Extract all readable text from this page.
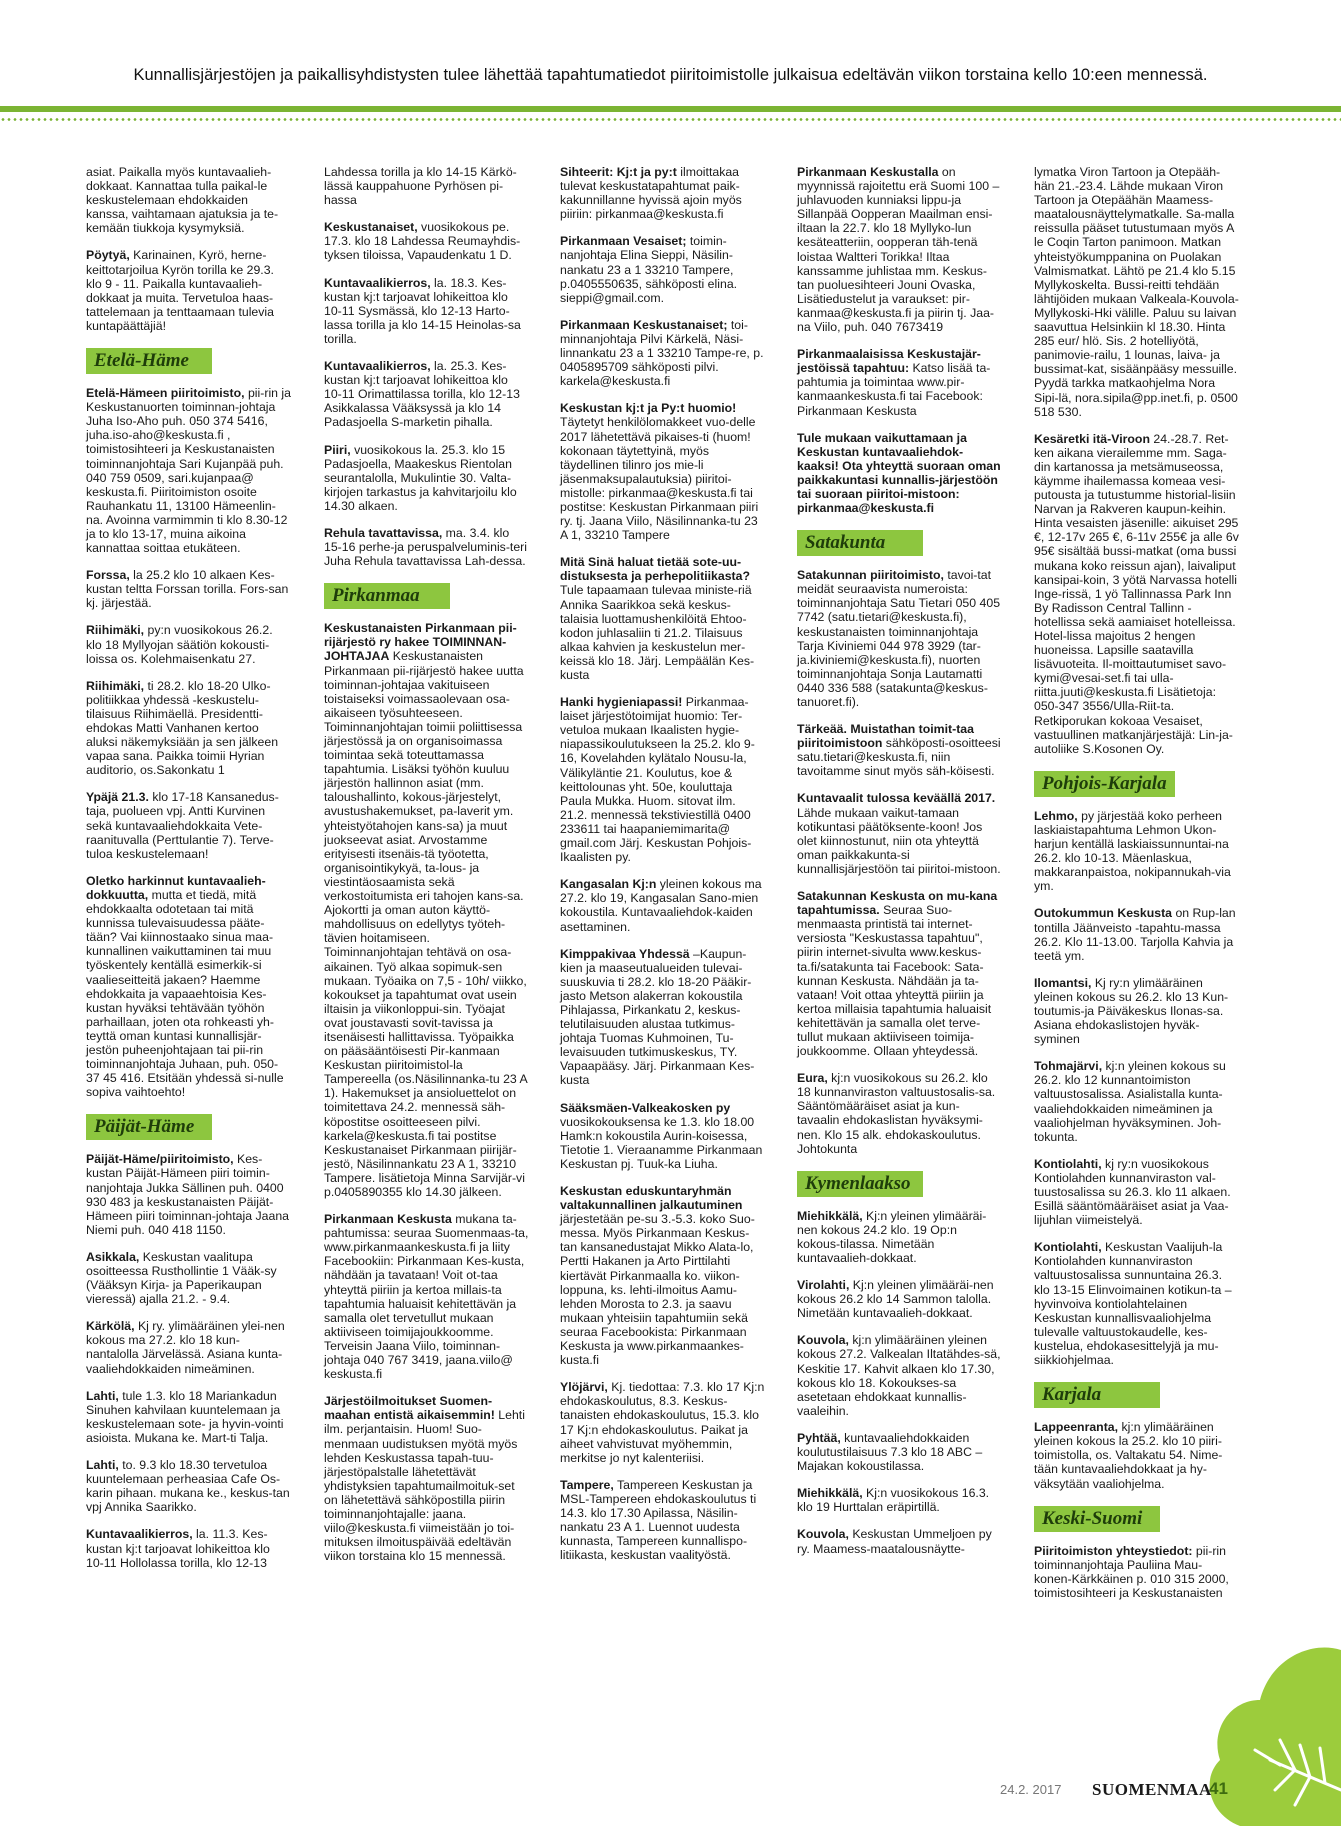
Kunnallisjärjestöjen ja paikallisyhdistysten tulee lähettää tapahtumatiedot piiritoimistolle julkaisua edeltävän viikon torstaina kello 10:een mennessä.

asiat. Paikalla myös kuntavaalieh-dokkaat. Kannattaa tulla paikal-le keskustelemaan ehdokkaiden kanssa, vaihtamaan ajatuksia ja te-kemään tiukkoja kysymyksiä.

Pöytyä, Karinainen, Kyrö, herne-keittotarjoilua Kyrön torilla ke 29.3. klo 9 - 11. Paikalla kuntavaalieh-dokkaat ja muita. Tervetuloa haas-tattelemaan ja tenttaamaan tulevia kuntapäättäjiä!

Etelä-Häme

Etelä-Hämeen piiritoimisto, pii-rin ja Keskustanuorten toiminnan-johtaja Juha Iso-Aho puh. 050 374 5416, juha.iso-aho@keskusta.fi , toimistosihteeri ja Keskustanaisten toiminnanjohtaja Sari Kujanpää puh. 040 759 0509, sari.kujanpaa@ keskusta.fi. Piiritoimiston osoite Rauhankatu 11, 13100 Hämeenlin-na. Avoinna varmimmin ti klo 8.30-12 ja to klo 13-17, muina aikoina kannattaa soittaa etukäteen.

Forssa, la 25.2 klo 10 alkaen Kes-kustan teltta Forssan torilla. Fors-san kj. järjestää.

Riihimäki, py:n vuosikokous 26.2. klo 18 Myllyojan säätiön kokousti-loissa os. Kolehmaisenkatu 27.

Riihimäki, ti 28.2. klo 18-20 Ulko-politiikkaa yhdessä -keskustelu-tilaisuus Riihimäellä. Presidentti-ehdokas Matti Vanhanen kertoo aluksi näkemyksiään ja sen jälkeen vapaa sana. Paikka toimii Hyrian auditorio, os.Sakonkatu 1

Ypäjä 21.3. klo 17-18 Kansanedus-taja, puolueen vpj. Antti Kurvinen sekä kuntavaaliehdokkaita Vete-raanituvalla (Perttulantie 7). Terve-tuloa keskustelemaan!

Oletko harkinnut kuntavaalieh-dokkuutta, mutta et tiedä, mitä ehdokkaalta odotetaan tai mitä kunnissa tulevaisuudessa pääte-tään? Vai kiinnostaako sinua maa-kunnallinen vaikuttaminen tai muu työskentely kentällä esimerkik-si vaalieseitteitä jakaen? Haemme ehdokkaita ja vapaaehtoisia Kes-kustan hyväksi tehtävään työhön parhaillaan, joten ota rohkeasti yh-teyttä oman kuntasi kunnallisjär-jestön puheenjohtajaan tai pii-rin toiminnanjohtaja Juhaan, puh. 050-37 45 416. Etsitään yhdessä si-nulle sopiva vaihtoehto!

Päijät-Häme

Päijät-Häme/piiritoimisto, Kes-kustan Päijät-Hämeen piiri toimin-nanjohtaja Jukka Sällinen puh. 0400 930 483 ja keskustanaisten Päijät-Hämeen piiri toiminnan-johtaja Jaana Niemi puh. 040 418 1150.

Asikkala, Keskustan vaalitupa osoitteessa Rusthollintie 1 Vääk-sy (Vääksyn Kirja- ja Paperikaupan vieressä) ajalla 21.2. - 9.4.

Kärkölä, Kj ry. ylimääräinen ylei-nen kokous ma 27.2. klo 18 kun-nantalolla Järvelässä. Asiana kunta-vaaliehdokkaiden nimeäminen.

Lahti, tule 1.3. klo 18 Mariankadun Sinuhen kahvilaan kuuntelemaan ja keskustelemaan sote- ja hyvin-vointi asioista. Mukana ke. Mart-ti Talja.

Lahti, to. 9.3 klo 18.30 tervetuloa kuuntelemaan perheasiaa Cafe Os-karin pihaan. mukana ke., keskus-tan vpj Annika Saarikko.

Kuntavaalikierros, la. 11.3. Kes-kustan kj:t tarjoavat lohikeittoa klo 10-11 Hollolassa torilla, klo 12-13

Lahdessa torilla ja klo 14-15 Kärkö-lässä kauppahuone Pyrhösen pi-hassa

Keskustanaiset, vuosikokous pe. 17.3. klo 18 Lahdessa Reumayhdis-tyksen tiloissa, Vapaudenkatu 1 D.

Kuntavaalikierros, la. 18.3. Kes-kustan kj:t tarjoavat lohikeittoa klo 10-11 Sysmässä, klo 12-13 Harto-lassa torilla ja klo 14-15 Heinolas-sa torilla.

Kuntavaalikierros, la. 25.3. Kes-kustan kj:t tarjoavat lohikeittoa klo 10-11 Orimattilassa torilla, klo 12-13 Asikkalassa Vääksyssä ja klo 14 Padasjoella S-marketin pihalla.

Piiri, vuosikokous la. 25.3. klo 15 Padasjoella, Maakeskus Rientolan seurantalolla, Mukulintie 30. Valta-kirjojen tarkastus ja kahvitarjoilu klo 14.30 alkaen.

Rehula tavattavissa, ma. 3.4. klo 15-16 perhe-ja peruspalveluminis-teri Juha Rehula tavattavissa Lah-dessa.

Pirkanmaa

Keskustanaisten Pirkanmaan pii-rijärjestö ry hakee TOIMINNAN-JOHTAJAA Keskustanaisten Pirkanmaan pii-rijärjestö hakee uutta toiminnan-johtajaa vakituiseen toistaiseksi voimassaolevaan osa-aikaiseen työsuhteeseen. Toiminnanjohtajan toimii poliittisessa järjestössä ja on organisoimassa toimintaa sekä toteuttamassa tapahtumia. Lisäksi työhön kuuluu järjestön hallinnon asiat (mm. taloushallinto, kokous-järjestelyt, avustushakemukset, pa-laverit ym. yhteistyötahojen kans-sa) ja muut juokseevat asiat. Arvostamme erityisesti itsenäis-tä työotetta, organisointikykyä, ta-lous- ja viestintäosaamista sekä verkostoitumista eri tahojen kans-sa. Ajokortti ja oman auton käyttö-mahdollisuus on edellytys työteh-tävien hoitamiseen. Toiminnanjohtajan tehtävä on osa-aikainen. Työ alkaa sopimuk-sen mukaan. Työaika on 7,5 - 10h/ viikko, kokoukset ja tapahtumat ovat usein iltaisin ja viikonloppui-sin. Työajat ovat joustavasti sovit-tavissa ja itsenäisesti hallittavissa. Työpaikka on pääsääntöisesti Pir-kanmaan Keskustan piiritoimistol-la Tampereella (os.Näsilinnanka-tu 23 A 1). Hakemukset ja ansioluettelot on toimitettava 24.2. mennessä säh-köpostitse osoitteeseen pilvi. karkela@keskusta.fi tai postitse Keskustanaiset Pirkanmaan piirijär-jestö, Näsilinnankatu 23 A 1, 33210 Tampere. lisätietoja Minna Sarvijär-vi p.0405890355 klo 14.30 jälkeen.

Pirkanmaan Keskusta mukana ta-pahtumissa: seuraa Suomenmaas-ta, www.pirkanmaankeskusta.fi ja liity Facebookiin: Pirkanmaan Kes-kusta, nähdään ja tavataan! Voit ot-taa yhteyttä piiriin ja kertoa millais-ta tapahtumia haluaisit kehitettävän ja samalla olet tervetullut mukaan aktiiviseen toimijajoukkoomme. Terveisin Jaana Viilo, toiminnan-johtaja 040 767 3419, jaana.viilo@ keskusta.fi

Järjestöilmoitukset Suomen-maahan entistä aikaisemmin! Lehti ilm. perjantaisin. Huom! Suo-menmaan uudistuksen myötä myös lehden Keskustassa tapah-tuu-järjestöpalstalle lähetettävät yhdistyksien tapahtumailmoituk-set on lähetettävä sähköpostilla piirin toiminnanjohtajalle: jaana. viilo@keskusta.fi viimeistään jo toi-mituksen ilmoituspäivää edeltävän viikon torstaina klo 15 mennessä.

Sihteerit: Kj:t ja py:t ilmoittakaa tulevat keskustatapahtumat paik-kakunnillanne hyvissä ajoin myös piiriin: pirkanmaa@keskusta.fi

Pirkanmaan Vesaiset; toimin-nanjohtaja Elina Sieppi, Näsilin-nankatu 23 a 1 33210 Tampere, p.0405550635, sähköposti elina. sieppi@gmail.com.

Pirkanmaan Keskustanaiset; toi-minnanjohtaja Pilvi Kärkelä, Näsi-linnankatu 23 a 1 33210 Tampe-re, p. 0405895709 sähköposti pilvi. karkela@keskusta.fi

Keskustan kj:t ja Py:t huomio! Täytetyt henkilölomakkeet vuo-delle 2017 lähetettävä pikaises-ti (huom! kokonaan täytettyinä, myös täydellinen tilinro jos mie-li jäsenmaksupalautuksia) piiritoi-mistolle: pirkanmaa@keskusta.fi tai postitse: Keskustan Pirkanmaan piiri ry. tj. Jaana Viilo, Näsilinnanka-tu 23 A 1, 33210 Tampere

Mitä Sinä haluat tietää sote-uu-distuksesta ja perhepolitiikasta? Tule tapaamaan tulevaa ministe-riä Annika Saarikkoa sekä keskus-talaisia luottamushenkilöitä Ehtoo-kodon juhlasaliin ti 21.2. Tilaisuus alkaa kahvien ja keskustelun mer-keissä klo 18. Järj. Lempäälän Kes-kusta

Hanki hygieniapassi! Pirkanmaa-laiset järjestötoimijat huomio: Ter-vetuloa mukaan Ikaalisten hygie-niapassikoulutukseen la 25.2. klo 9-16, Kovelahden kylätalo Nousu-la, Välikyläntie 21. Koulutus, koe & keittolounas yht. 50e, kouluttaja Paula Mukka. Huom. sitovat ilm. 21.2. mennessä tekstiviestillä 0400 233611 tai haapaniemimarita@ gmail.com Järj. Keskustan Pohjois-Ikaalisten py.

Kangasalan Kj:n yleinen kokous ma 27.2. klo 19, Kangasalan Sano-mien kokoustila. Kuntavaaliehdok-kaiden asettaminen.

Kimppakivaa Yhdessä –Kaupun-kien ja maaseutualueiden tulevai-suuskuvia ti 28.2. klo 18-20 Pääkir-jasto Metson alakerran kokoustila Pihlajassa, Pirkankatu 2, keskus-telutilaisuuden alustaa tutkimus-johtaja Tuomas Kuhmoinen, Tu-levaisuuden tutkimuskeskus, TY. Vapaapääsy. Järj. Pirkanmaan Kes-kusta

Sääksmäen-Valkeakosken py vuosikokouksensa ke 1.3. klo 18.00 Hamk:n kokoustila Aurin-koisessa, Tietotie 1. Vieraanamme Pirkanmaan Keskustan pj. Tuuk-ka Liuha.

Keskustan eduskuntaryhmän valtakunnallinen jalkautuminen järjestetään pe-su 3.-5.3. koko Suo-messa. Myös Pirkanmaan Keskus-tan kansanedustajat Mikko Alata-lo, Pertti Hakanen ja Arto Pirttilahti kiertävät Pirkanmaalla ko. viikon-loppuna, ks. lehti-ilmoitus Aamu-lehden Morosta to 2.3. ja saavu mukaan yhteisiin tapahtumiin sekä seuraa Facebookista: Pirkanmaan Keskusta ja www.pirkanmaankes-kusta.fi

Ylöjärvi, Kj. tiedottaa: 7.3. klo 17 Kj:n ehdokaskoulutus, 8.3. Keskus-tanaisten ehdokaskoulutus, 15.3. klo 17 Kj:n ehdokaskoulutus. Paikat ja aiheet vahvistuvat myöhemmin, merkitse jo nyt kalenteriisi.

Tampere, Tampereen Keskustan ja MSL-Tampereen ehdokaskoulutus ti 14.3. klo 17.30 Apilassa, Näsilin-nankatu 23 A 1. Luennot uudesta kunnasta, Tampereen kunnallispo-litiikasta, keskustan vaalityöstä.

Pirkanmaan Keskustalla on myynnissä rajoitettu erä Suomi 100 –juhlavuoden kunniaksi lippu-ja Sillanpää Oopperan Maailman ensi-iltaan la 22.7. klo 18 Myllyko-lun kesäteatteriin, oopperan täh-tenä loistaa Waltteri Torikka! Iltaa kanssamme juhlistaa mm. Keskus-tan puoluesihteeri Jouni Ovaska, Lisätiedustelut ja varaukset: pir-kanmaa@keskusta.fi ja piirin tj. Jaa-na Viilo, puh. 040 7673419

Pirkanmaalaisissa Keskustajär-jestöissä tapahtuu: Katso lisää ta-pahtumia ja toimintaa www.pir-kanmaankeskusta.fi tai Facebook: Pirkanmaan Keskusta

Tule mukaan vaikuttamaan ja Keskustan kuntavaaliehdok-kaaksi! Ota yhteyttä suoraan oman paikkakuntasi kunnallis-järjestöön tai suoraan piiritoi-mistoon: pirkanmaa@keskusta.fi

Satakunta

Satakunnan piiritoimisto, tavoi-tat meidät seuraavista numeroista: toiminnanjohtaja Satu Tietari 050 405 7742 (satu.tietari@keskusta.fi), keskustanaisten toiminnanjohtaja Tarja Kiviniemi 044 978 3929 (tar-ja.kiviniemi@keskusta.fi), nuorten toiminnanjohtaja Sonja Lautamatti 0440 336 588 (satakunta@keskus-tanuoret.fi).

Tärkeää. Muistathan toimit-taa piiritoimistoon sähköposti-osoitteesi satu.tietari@keskusta.fi, niin tavoitamme sinut myös säh-köisesti.

Kuntavaalit tulossa keväällä 2017. Lähde mukaan vaikut-tamaan kotikuntasi päätöksente-koon! Jos olet kiinnostunut, niin ota yhteyttä oman paikkakunta-si kunnallisjärjestöön tai piiritoi-mistoon.

Satakunnan Keskusta on mu-kana tapahtumissa. Seuraa Suo-menmaasta printistä tai internet-versiosta "Keskustassa tapahtuu", piirin internet-sivulta www.keskus-ta.fi/satakunta tai Facebook: Sata-kunnan Keskusta. Nähdään ja ta-vataan! Voit ottaa yhteyttä piiriin ja kertoa millaisia tapahtumia haluaisit kehitettävän ja samalla olet terve-tullut mukaan aktiiviseen toimija-joukkoomme. Ollaan yhteydessä.

Eura, kj:n vuosikokous su 26.2. klo 18 kunnanviraston valtuustosalis-sa. Sääntömääräiset asiat ja kun-tavaalin ehdokaslistan hyväksymi-nen. Klo 15 alk. ehdokaskoulutus. Johtokunta

Kymenlaakso

Miehikkälä, Kj:n yleinen ylimääräi-nen kokous 24.2 klo. 19 Op:n kokous-tilassa. Nimetään kuntavaalieh-dokkaat.

Virolahti, Kj:n yleinen ylimääräi-nen kokous 26.2 klo 14 Sammon talolla. Nimetään kuntavaalieh-dokkaat.

Kouvola, kj:n ylimääräinen yleinen kokous 27.2. Valkealan Iltatähdes-sä, Keskitie 17. Kahvit alkaen klo 17.30, kokous klo 18. Kokoukses-sa asetetaan ehdokkaat kunnallis-vaaleihin.

Pyhtää, kuntavaaliehdokkaiden koulutustilaisuus 7.3 klo 18 ABC – Majakan kokoustilassa.

Miehikkälä, Kj:n vuosikokous 16.3. klo 19 Hurttalan eräpirtillä.

Kouvola, Keskustan Ummeljoen py ry. Maamess-maatalousnäytte-

lymatka Viron Tartoon ja Otepääh-hän 21.-23.4. Lähde mukaan Viron Tartoon ja Otepäähän Maamess-maatalousnäyttelymatkalle. Sa-malla reissulla pääset tutustumaan myös A le Coqin Tarton panimoon. Matkan yhteistyökumppanina on Puolakan Valmismatkat. Lähtö pe 21.4 klo 5.15 Myllykoskelta. Bussi-reitti tehdään lähtijöiden mukaan Valkeala-Kouvola-Myllykoski-Hki välille. Paluu su laivan saavuttua Helsinkiin kl 18.30. Hinta 285 eur/ hlö. Sis. 2 hotelliyötä, panimovie-railu, 1 lounas, laiva- ja bussimat-kat, sisäänpääsy messuille. Pyydä tarkka matkaohjelma Nora Sipi-lä, nora.sipila@pp.inet.fi, p. 0500 518 530.

Kesäretki itä-Viroon 24.-28.7. Ret-ken aikana vierailemme mm. Saga-din kartanossa ja metsämuseossa, käymme ihailemassa komeaa vesi-putousta ja tutustumme historial-lisiin Narvan ja Rakveren kaupun-keihin. Hinta vesaisten jäsenille: aikuiset 295 €, 12-17v 265 €, 6-11v 255€ ja alle 6v 95€ sisältää bussi-matkat (oma bussi mukana koko reissun ajan), laivaliput kansipai-koin, 3 yötä Narvassa hotelli Inge-rissä, 1 yö Tallinnassa Park Inn By Radisson Central Tallinn -hotellissa sekä aamiaiset hotelleissa. Hotel-lissa majoitus 2 hengen huoneissa. Lapsille saatavilla lisävuoteita. Il-moittautumiset savo-kymi@vesai-set.fi tai ulla-riitta.juuti@keskusta.fi Lisätietoja: 050-347 3556/Ulla-Riit-ta. Retkiporukan kokoaa Vesaiset, vastuullinen matkanjärjestäjä: Lin-ja-autoliike S.Kosonen Oy.

Pohjois-Karjala

Lehmo, py järjestää koko perheen laskiaistapahtuma Lehmon Ukon-harjun kentällä laskiaissunnuntai-na 26.2. klo 10-13. Mäenlaskua, makkaranpaistoa, nokipannukah-via ym.

Outokummun Keskusta on Rup-lan tontilla Jäänveisto -tapahtu-massa 26.2. Klo 11-13.00. Tarjolla Kahvia ja teetä ym.

Ilomantsi, Kj ry:n ylimääräinen yleinen kokous su 26.2. klo 13 Kun-toutumis-ja Päiväkeskus Ilonas-sa. Asiana ehdokaslistojen hyväk-syminen

Tohmajärvi, kj:n yleinen kokous su 26.2. klo 12 kunnantoimiston valtuustosalissa. Asialistalla kunta-vaaliehdokkaiden nimeäminen ja vaaliohjelman hyväksyminen. Joh-tokunta.

Kontiolahti, kj ry:n vuosikokous Kontiolahden kunnanviraston val-tuustosalissa su 26.3. klo 11 alkaen. Esillä sääntömääräiset asiat ja Vaa-lijuhlan viimeistelyä.

Kontiolahti, Keskustan Vaalijuh-la Kontiolahden kunnanviraston valtuustosalissa sunnuntaina 26.3. klo 13-15 Elinvoimainen kotikun-ta – hyvinvoiva kontiolahtelainen Keskustan kunnallisvaaliohjelma tulevalle valtuustokaudelle, kes-kustelua, ehdokasesittelyjä ja mu-siikkiohjelmaa.

Karjala

Lappeenranta, kj:n ylimääräinen yleinen kokous la 25.2. klo 10 piiri-toimistolla, os. Valtakatu 54. Nime-tään kuntavaaliehdokkaat ja hy-väksytään vaaliohjelma.

Keski-Suomi

Piiritoimiston yhteystiedot: pii-rin toiminnanjohtaja Pauliina Mau-konen-Kärkkäinen p. 010 315 2000, toimistosihteeri ja Keskustanaisten

24.2. 2017 SUOMENMAA
41
